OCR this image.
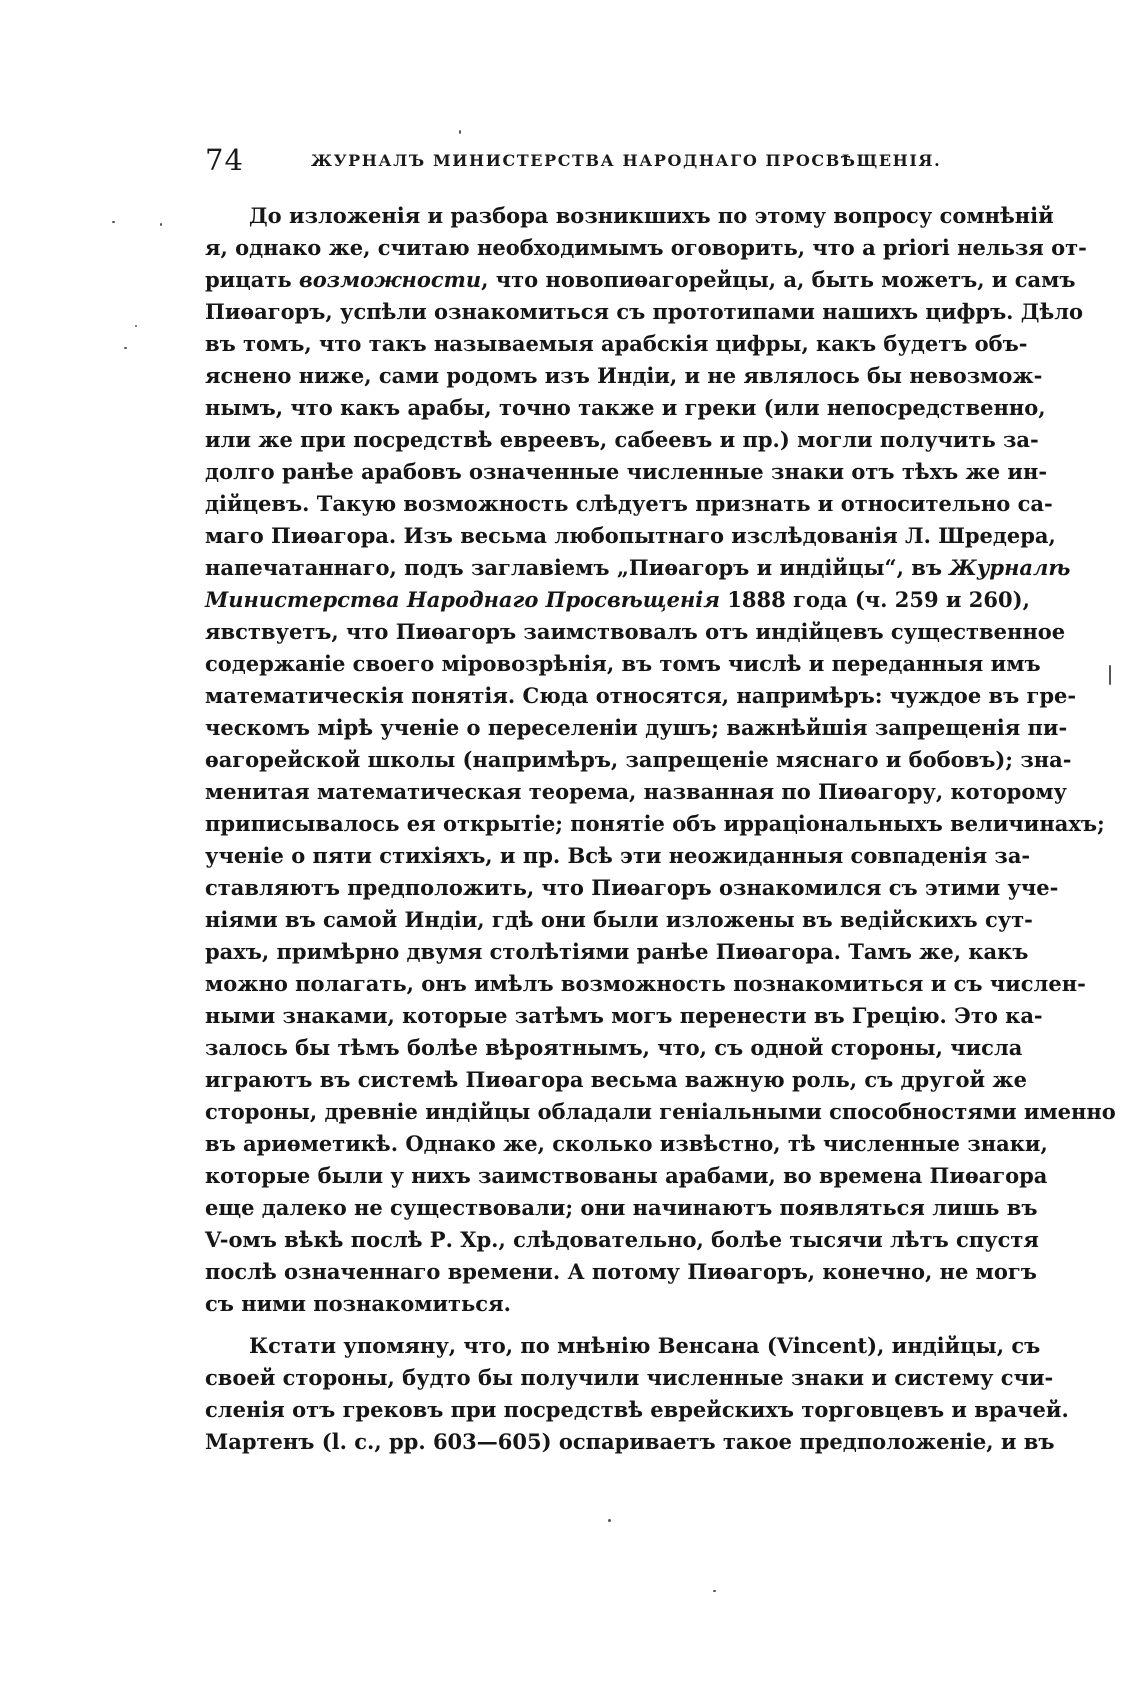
74	ЖУРНАЛЪ МИНИСТЕРСТВА НАРОДНАГО ПРОСВѢЩЕНІЯ.
До изложенія и разбора возникшихъ по этому вопросу сомнѣній
я, однако же, считаю необходимымъ оговорить, что a priori нельзя от-
рицать возможности, что новопиѳагорейцы, а, быть можетъ, и самъ
Пиѳагоръ, успѣли ознакомиться съ прототипами нашихъ цифръ. Дѣло
въ томъ, что такъ называемыя арабскія цифры, какъ будетъ объ-
яснено ниже, сами родомъ изъ Индіи, и не являлось бы невозмож-
нымъ, что какъ арабы, точно также и греки (или непосредственно,
или же при посредствѣ евреевъ, сабеевъ и пр.) могли получить за-
долго ранѣе арабовъ означенные численные знаки отъ тѣхъ же ин-
дійцевъ. Такую возможность слѣдуетъ признать и относительно са-
маго Пиѳагора. Изъ весьма любопытнаго изслѣдованія Л. Шредера,
напечатаннаго, подъ заглавіемъ „Пиѳагоръ и индійцы“, въ Журналѣ
Министерства Народнаго Просвѣщенія 1888 года (ч. 259 и 260),
явствуетъ, что Пиѳагоръ заимствовалъ отъ индійцевъ существенное
содержаніе своего міровозрѣнія, въ томъ числѣ и переданныя имъ
математическія понятія. Сюда относятся, напримѣръ: чуждое въ гре-
ческомъ мірѣ ученіе о переселеніи душъ; важнѣйшія запрещенія пи-
ѳагорейской школы (напримѣръ, запрещеніе мяснаго и бобовъ); зна-
менитая математическая теорема, названная по Пиѳагору, которому
приписывалось ея открытіе; понятіе объ ирраціональныхъ величинахъ;
ученіе о пяти стихіяхъ, и пр. Всѣ эти неожиданныя совпаденія за-
ставляютъ предположить, что Пиѳагоръ ознакомился съ этими уче-
ніями въ самой Индіи, гдѣ они были изложены въ ведійскихъ сут-
рахъ, примѣрно двумя столѣтіями ранѣе Пиѳагора. Тамъ же, какъ
можно полагать, онъ имѣлъ возможность познакомиться и съ числен-
ными знаками, которые затѣмъ могъ перенести въ Грецію. Это ка-
залось бы тѣмъ болѣе вѣроятнымъ, что, съ одной стороны, числа
играютъ въ системѣ Пиѳагора весьма важную роль, съ другой же
стороны, древніе индійцы обладали геніальными способностями именно
въ ариѳметикѣ. Однако же, сколько извѣстно, тѣ численные знаки,
которые были у нихъ заимствованы арабами, во времена Пиѳагора
еще далеко не существовали; они начинаютъ появляться лишь въ
V-омъ вѣкѣ послѣ Р. Хр., слѣдовательно, болѣе тысячи лѣтъ спустя
послѣ означеннаго времени. А потому Пиѳагоръ, конечно, не могъ
съ ними познакомиться.
Кстати упомяну, что, по мнѣнію Венсана (Vincent), индійцы, съ
своей стороны, будто бы получили численные знаки и систему счи-
сленія отъ грековъ при посредствѣ еврейскихъ торговцевъ и врачей.
Мартенъ (l. c., pp. 603—605) оспариваетъ такое предположеніе, и въ
